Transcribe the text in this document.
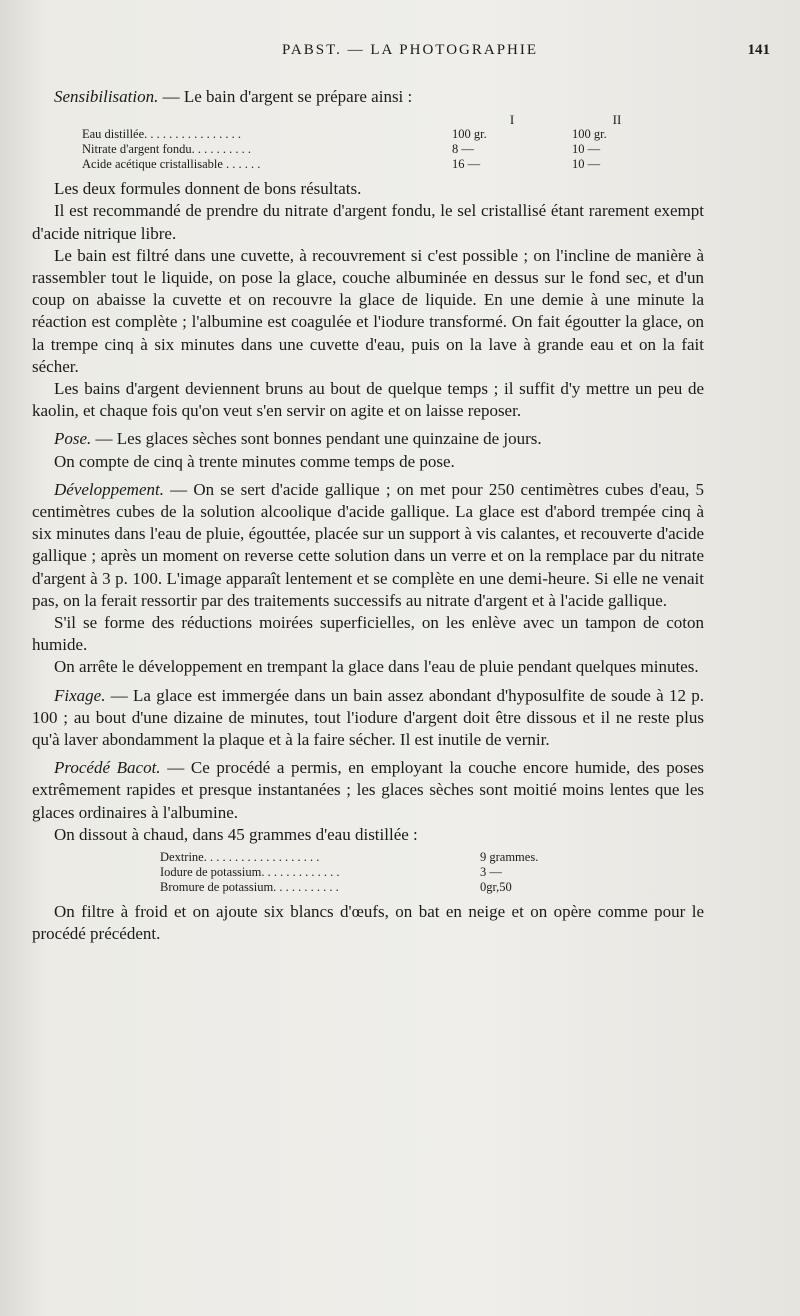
PABST. — LA PHOTOGRAPHIE	141

Sensibilisation. — Le bain d'argent se prépare ainsi :

	I	II
Eau distillée. . . . . . . . . . . . . . . .	100 gr.	100 gr.
Nitrate d'argent fondu. . . . . . . . . .	8 —	10 —
Acide acétique cristallisable . . . . . .	16 —	10 —

Les deux formules donnent de bons résultats.

Il est recommandé de prendre du nitrate d'argent fondu, le sel cristallisé étant rarement exempt d'acide nitrique libre.

Le bain est filtré dans une cuvette, à recouvrement si c'est possible ; on l'incline de manière à rassembler tout le liquide, on pose la glace, couche albuminée en dessus sur le fond sec, et d'un coup on abaisse la cuvette et on recouvre la glace de liquide. En une demie à une minute la réaction est complète ; l'albumine est coagulée et l'iodure transformé. On fait égoutter la glace, on la trempe cinq à six minutes dans une cuvette d'eau, puis on la lave à grande eau et on la fait sécher.

Les bains d'argent deviennent bruns au bout de quelque temps ; il suffit d'y mettre un peu de kaolin, et chaque fois qu'on veut s'en servir on agite et on laisse reposer.

Pose. — Les glaces sèches sont bonnes pendant une quinzaine de jours.

On compte de cinq à trente minutes comme temps de pose.

Développement. — On se sert d'acide gallique ; on met pour 250 centimètres cubes d'eau, 5 centimètres cubes de la solution alcoolique d'acide gallique. La glace est d'abord trempée cinq à six minutes dans l'eau de pluie, égouttée, placée sur un support à vis calantes, et recouverte d'acide gallique ; après un moment on reverse cette solution dans un verre et on la remplace par du nitrate d'argent à 3 p. 100. L'image apparaît lentement et se complète en une demi-heure. Si elle ne venait pas, on la ferait ressortir par des traitements successifs au nitrate d'argent et à l'acide gallique.

S'il se forme des réductions moirées superficielles, on les enlève avec un tampon de coton humide.

On arrête le développement en trempant la glace dans l'eau de pluie pendant quelques minutes.

Fixage. — La glace est immergée dans un bain assez abondant d'hyposulfite de soude à 12 p. 100 ; au bout d'une dizaine de minutes, tout l'iodure d'argent doit être dissous et il ne reste plus qu'à laver abondamment la plaque et à la faire sécher. Il est inutile de vernir.

Procédé Bacot. — Ce procédé a permis, en employant la couche encore humide, des poses extrêmement rapides et presque instantanées ; les glaces sèches sont moitié moins lentes que les glaces ordinaires à l'albumine.

On dissout à chaud, dans 45 grammes d'eau distillée :

Dextrine. . . . . . . . . . . . . . . . . . .	9 grammes.
Iodure de potassium. . . . . . . . . . . . .	3 —
Bromure de potassium. . . . . . . . . . .	0gr,50

On filtre à froid et on ajoute six blancs d'œufs, on bat en neige et on opère comme pour le procédé précédent.
